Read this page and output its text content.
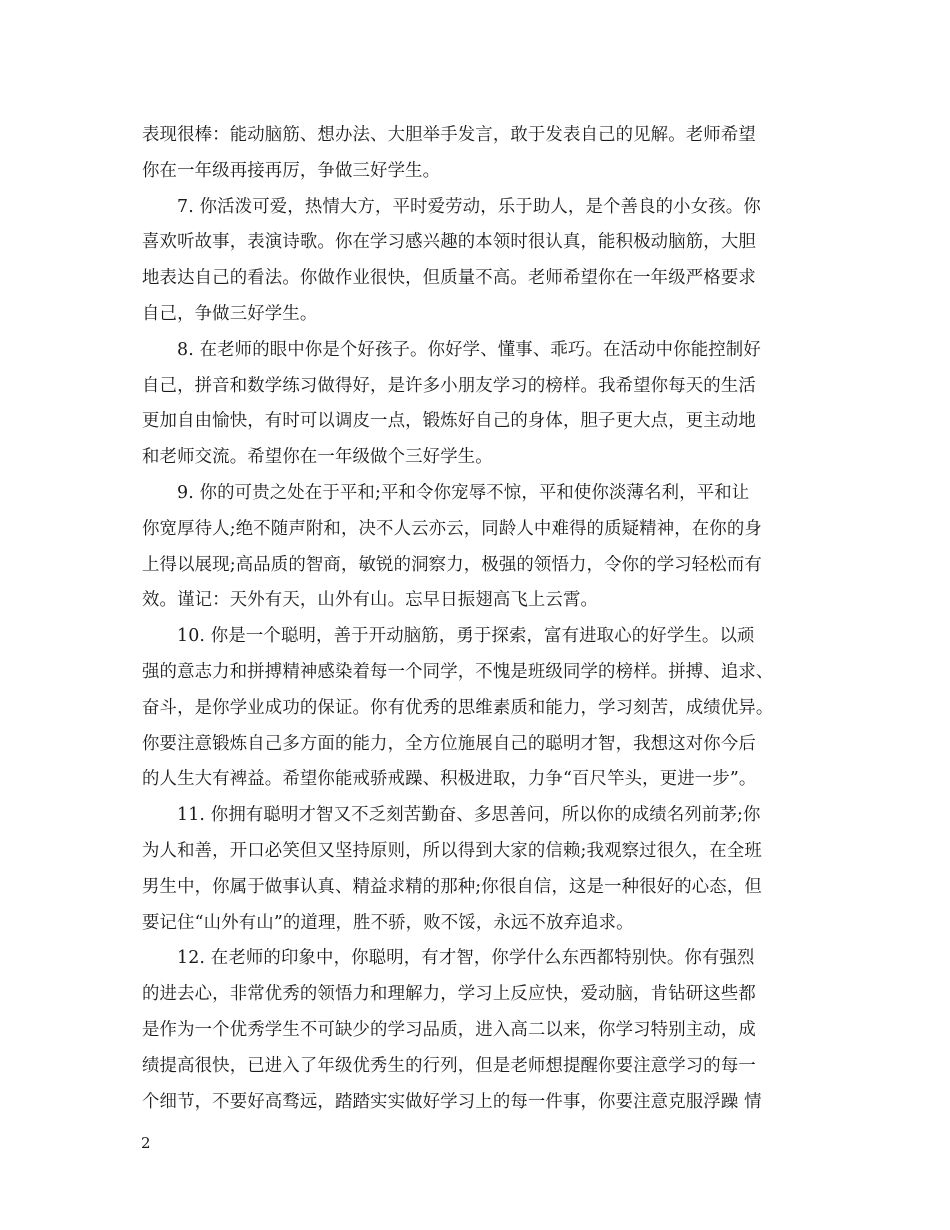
表现很棒：能动脑筋、想办法、大胆举手发言，敢于发表自己的见解。老师希望
你在一年级再接再厉，争做三好学生。
7. 你活泼可爱，热情大方，平时爱劳动，乐于助人，是个善良的小女孩。你
喜欢听故事，表演诗歌。你在学习感兴趣的本领时很认真，能积极动脑筋，大胆
地表达自己的看法。你做作业很快，但质量不高。老师希望你在一年级严格要求
自己，争做三好学生。
8. 在老师的眼中你是个好孩子。你好学、懂事、乖巧。在活动中你能控制好
自己，拼音和数学练习做得好，是许多小朋友学习的榜样。我希望你每天的生活
更加自由愉快，有时可以调皮一点，锻炼好自己的身体，胆子更大点，更主动地
和老师交流。希望你在一年级做个三好学生。
9. 你的可贵之处在于平和;平和令你宠辱不惊，平和使你淡薄名利，平和让
你宽厚待人;绝不随声附和，决不人云亦云，同龄人中难得的质疑精神，在你的身
上得以展现;高品质的智商，敏锐的洞察力，极强的领悟力，令你的学习轻松而有
效。谨记：天外有天，山外有山。忘早日振翅高飞上云霄。
10. 你是一个聪明，善于开动脑筋，勇于探索，富有进取心的好学生。以顽
强的意志力和拼搏精神感染着每一个同学，不愧是班级同学的榜样。拼搏、追求、
奋斗，是你学业成功的保证。你有优秀的思维素质和能力，学习刻苦，成绩优异。
你要注意锻炼自己多方面的能力，全方位施展自己的聪明才智，我想这对你今后
的人生大有裨益。希望你能戒骄戒躁、积极进取，力争“百尺竿头，更进一步”。
11. 你拥有聪明才智又不乏刻苦勤奋、多思善问，所以你的成绩名列前茅;你
为人和善，开口必笑但又坚持原则，所以得到大家的信赖;我观察过很久，在全班
男生中，你属于做事认真、精益求精的那种;你很自信，这是一种很好的心态，但
要记住“山外有山”的道理，胜不骄，败不馁，永远不放弃追求。
12. 在老师的印象中，你聪明，有才智，你学什么东西都特别快。你有强烈
的进去心，非常优秀的领悟力和理解力，学习上反应快，爱动脑，肯钻研这些都
是作为一个优秀学生不可缺少的学习品质，进入高二以来，你学习特别主动，成
绩提高很快，已进入了年级优秀生的行列，但是老师想提醒你要注意学习的每一
个细节，不要好高骛远，踏踏实实做好学习上的每一件事，你要注意克服浮躁 情
2
